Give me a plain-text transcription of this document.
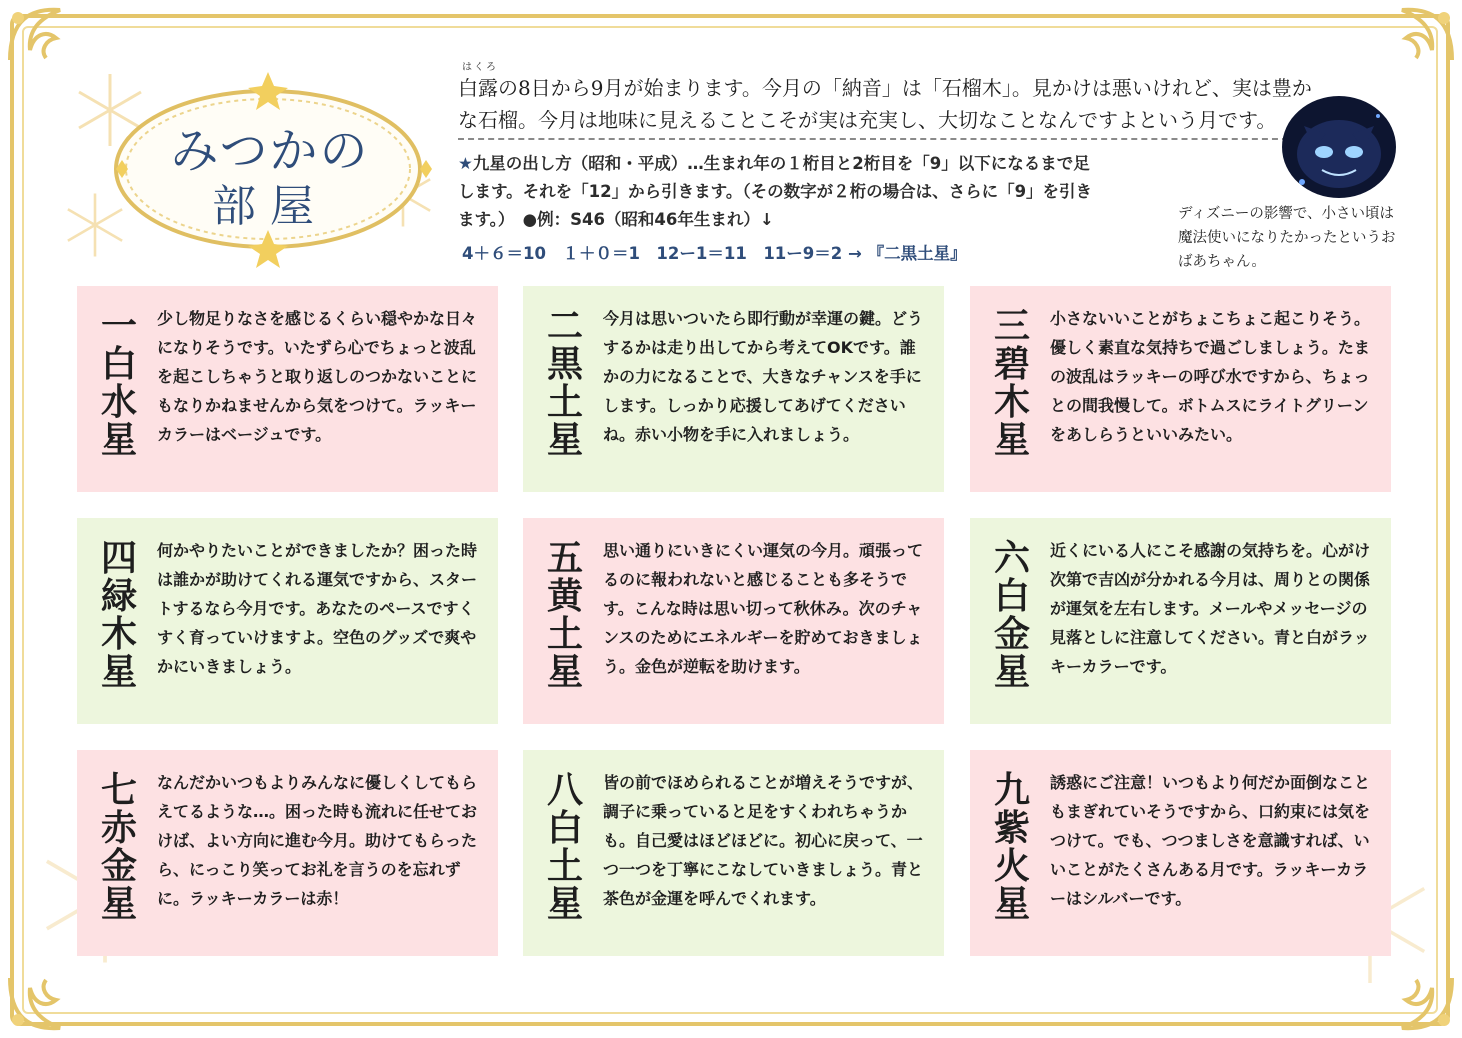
みつかの
部屋
はくろ
白露の8日から9月が始まります。今月の「納音」は「石榴木」。見かけは悪いけれど、実は豊かな石榴。今月は地味に見えることこそが実は充実し、大切なことなんですよという月です。
★九星の出し方（昭和・平成）…生まれ年の１桁目と2桁目を「9」以下になるまで足します。それを「12」から引きます。（その数字が２桁の場合は、さらに「9」を引きます。）　●例：S46（昭和46年生まれ）↓
4＋６＝10　１＋０＝1　12ー1＝11　11ー9＝2 → 『二黒土星』
ディズニーの影響で、小さい頃は魔法使いになりたかったというおばあちゃん。
一
白
水
星
少し物足りなさを感じるくらい穏やかな日々になりそうです。いたずら心でちょっと波乱を起こしちゃうと取り返しのつかないことにもなりかねませんから気をつけて。ラッキーカラーはベージュです。
二
黒
土
星
今月は思いついたら即行動が幸運の鍵。どうするかは走り出してから考えてOKです。誰かの力になることで、大きなチャンスを手にします。しっかり応援してあげてくださいね。赤い小物を手に入れましょう。
三
碧
木
星
小さないいことがちょこちょこ起こりそう。優しく素直な気持ちで過ごしましょう。たまの波乱はラッキーの呼び水ですから、ちょっとの間我慢して。ボトムスにライトグリーンをあしらうといいみたい。
四
緑
木
星
何かやりたいことができましたか？困った時は誰かが助けてくれる運気ですから、スタートするなら今月です。あなたのペースですくすく育っていけますよ。空色のグッズで爽やかにいきましょう。
五
黄
土
星
思い通りにいきにくい運気の今月。頑張ってるのに報われないと感じることも多そうです。こんな時は思い切って秋休み。次のチャンスのためにエネルギーを貯めておきましょう。金色が逆転を助けます。
六
白
金
星
近くにいる人にこそ感謝の気持ちを。心がけ次第で吉凶が分かれる今月は、周りとの関係が運気を左右します。メールやメッセージの見落としに注意してください。青と白がラッキーカラーです。
七
赤
金
星
なんだかいつもよりみんなに優しくしてもらえてるような…。困った時も流れに任せておけば、よい方向に進む今月。助けてもらったら、にっこり笑ってお礼を言うのを忘れずに。ラッキーカラーは赤！
八
白
土
星
皆の前でほめられることが増えそうですが、調子に乗っていると足をすくわれちゃうかも。自己愛はほどほどに。初心に戻って、一つ一つを丁寧にこなしていきましょう。青と茶色が金運を呼んでくれます。
九
紫
火
星
誘惑にご注意！いつもより何だか面倒なこともまぎれていそうですから、口約束には気をつけて。でも、つつましさを意識すれば、いいことがたくさんある月です。ラッキーカラーはシルバーです。
